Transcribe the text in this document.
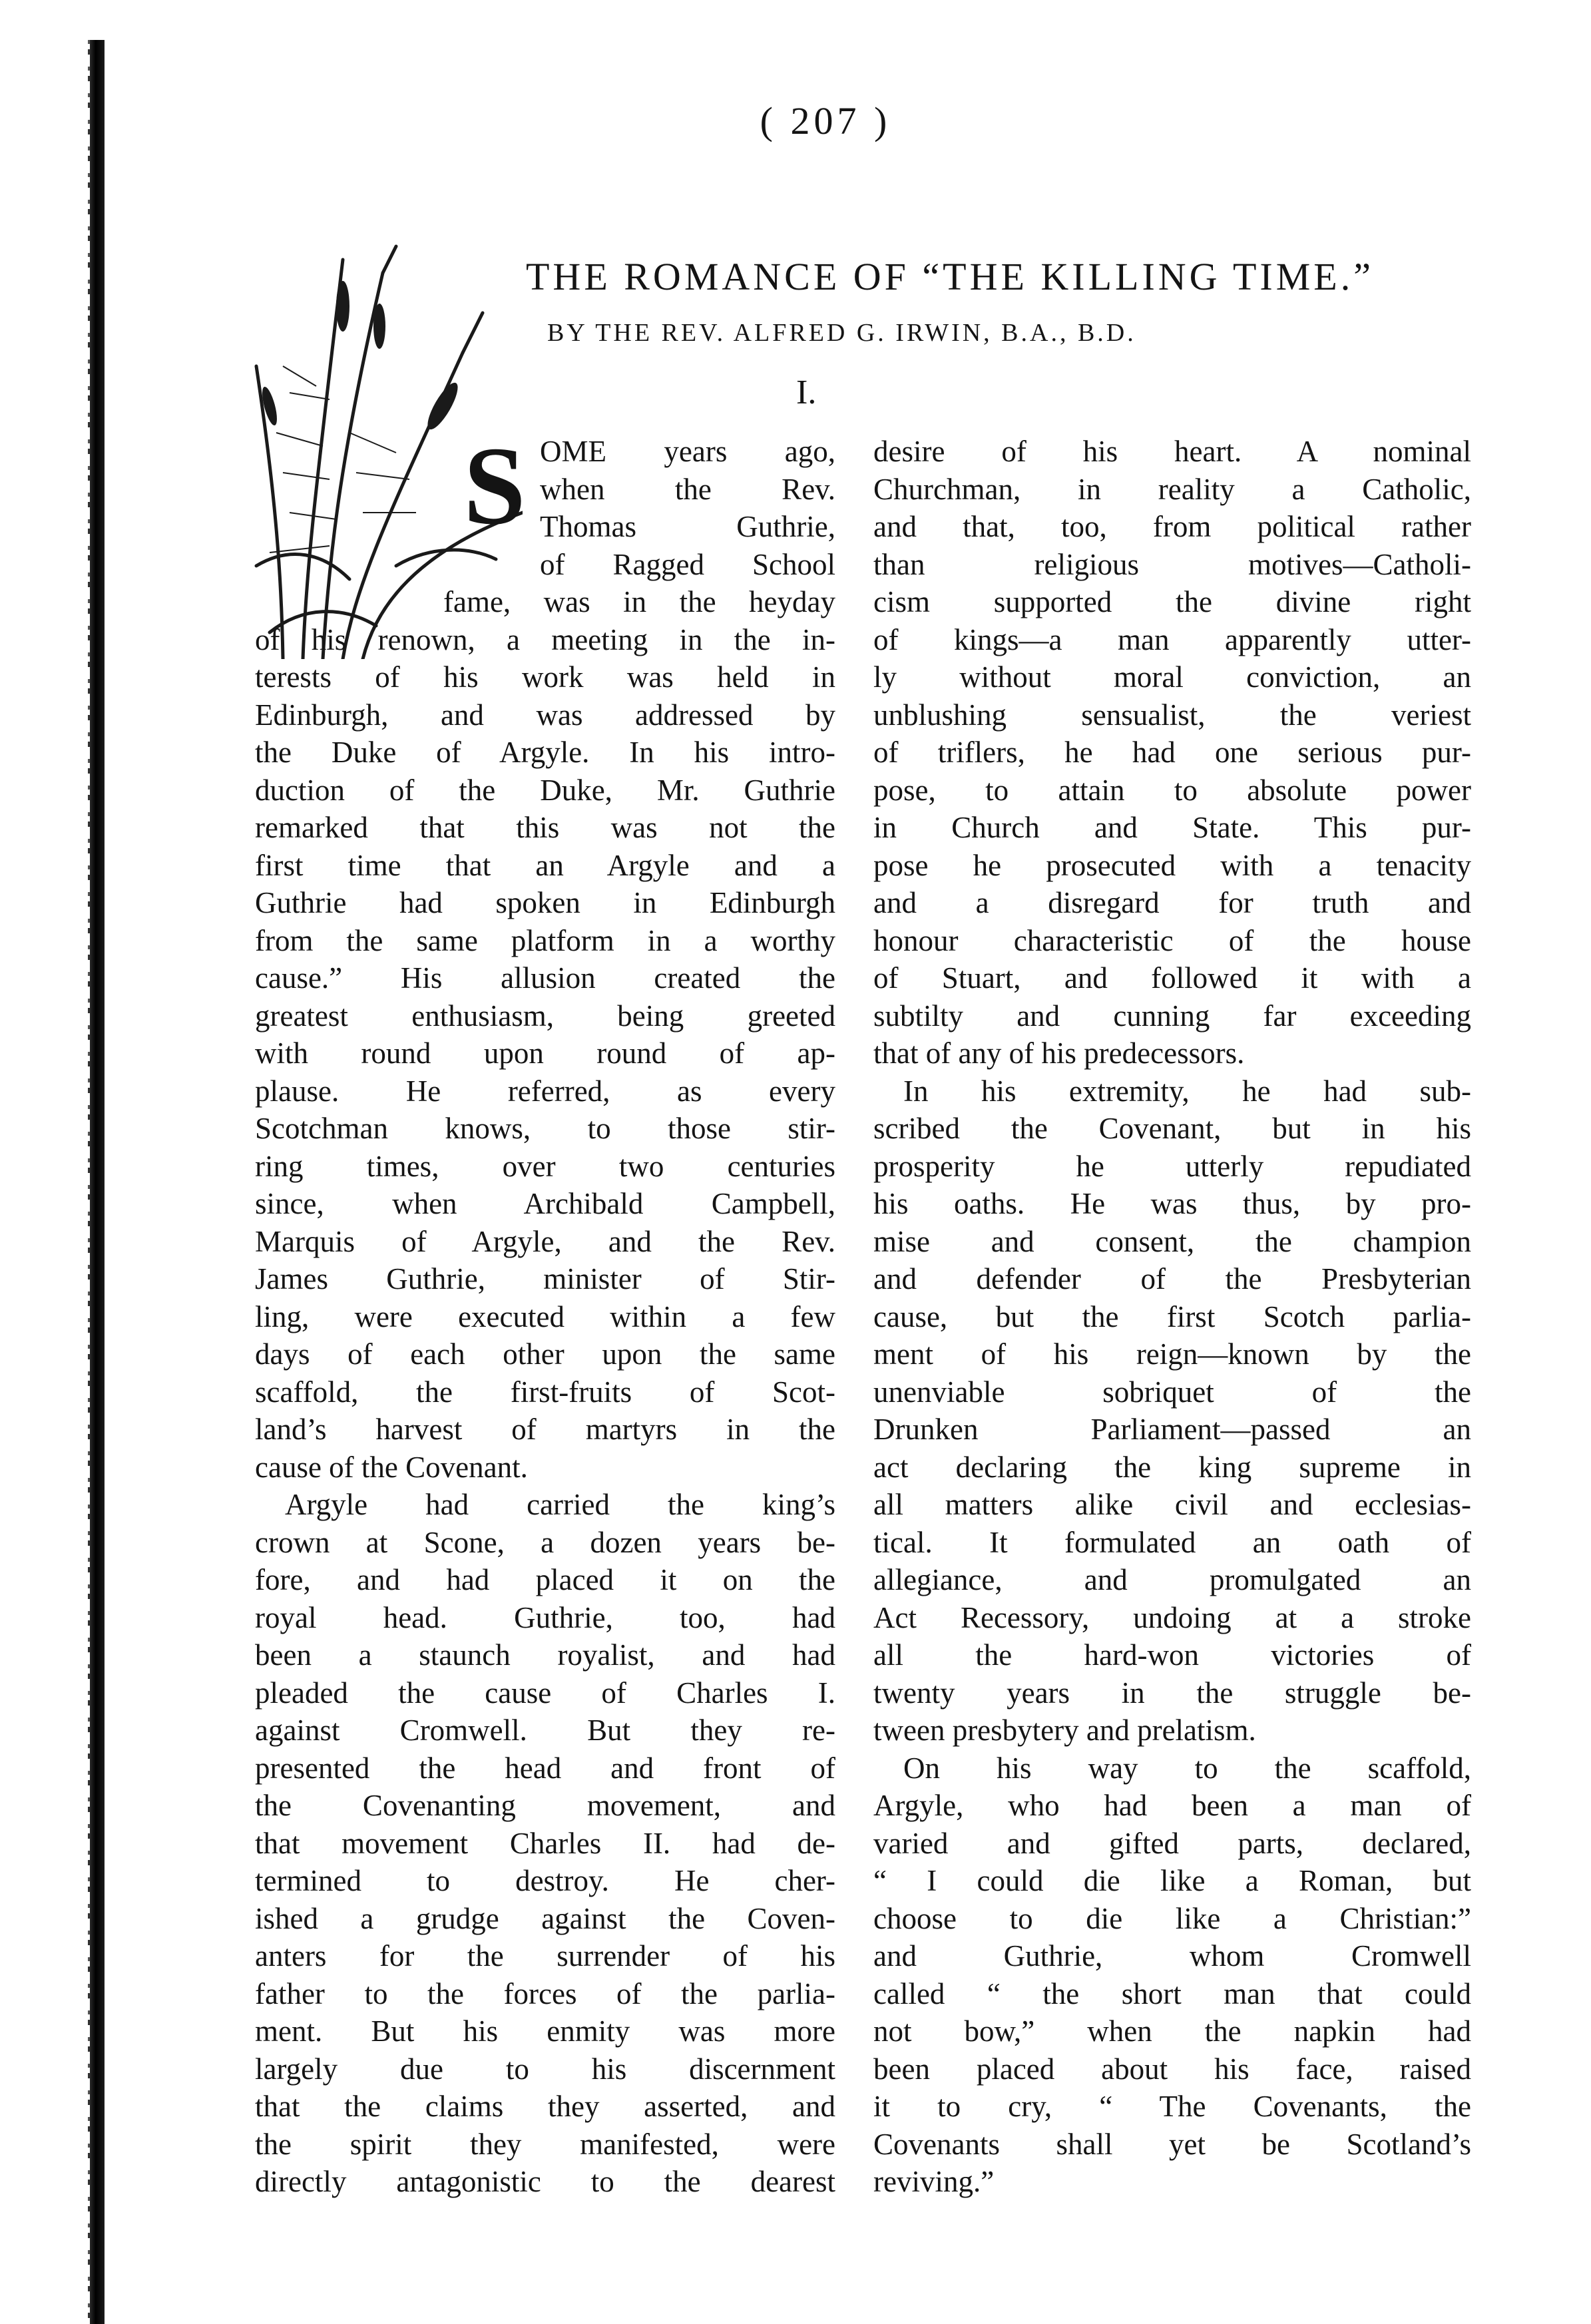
( 207 )
THE ROMANCE OF “THE KILLING TIME.”
BY THE REV. ALFRED G. IRWIN, B.A., B.D.
I.
S OME years ago,
when the Rev.
Thomas Guthrie,
of Ragged School
fame, was in the heyday
of his renown, a meeting in the in-
terests of his work was held in
Edinburgh, and was addressed by
the Duke of Argyle. In his intro-
duction of the Duke, Mr. Guthrie
remarked that this was not the
first time that an Argyle and a
Guthrie had spoken in Edinburgh
from the same platform in a worthy
cause.” His allusion created the
greatest enthusiasm, being greeted
with round upon round of ap-
plause. He referred, as every
Scotchman knows, to those stir-
ring times, over two centuries
since, when Archibald Campbell,
Marquis of Argyle, and the Rev.
James Guthrie, minister of Stir-
ling, were executed within a few
days of each other upon the same
scaffold, the first-fruits of Scot-
land’s harvest of martyrs in the
cause of the Covenant.
Argyle had carried the king’s
crown at Scone, a dozen years be-
fore, and had placed it on the
royal head. Guthrie, too, had
been a staunch royalist, and had
pleaded the cause of Charles I.
against Cromwell. But they re-
presented the head and front of
the Covenanting movement, and
that movement Charles II. had de-
termined to destroy. He cher-
ished a grudge against the Coven-
anters for the surrender of his
father to the forces of the parlia-
ment. But his enmity was more
largely due to his discernment
that the claims they asserted, and
the spirit they manifested, were
directly antagonistic to the dearest
desire of his heart. A nominal
Churchman, in reality a Catholic,
and that, too, from political rather
than religious motives—Catholi-
cism supported the divine right
of kings—a man apparently utter-
ly without moral conviction, an
unblushing sensualist, the veriest
of triflers, he had one serious pur-
pose, to attain to absolute power
in Church and State. This pur-
pose he prosecuted with a tenacity
and a disregard for truth and
honour characteristic of the house
of Stuart, and followed it with a
subtilty and cunning far exceeding
that of any of his predecessors.
In his extremity, he had sub-
scribed the Covenant, but in his
prosperity he utterly repudiated
his oaths. He was thus, by pro-
mise and consent, the champion
and defender of the Presbyterian
cause, but the first Scotch parlia-
ment of his reign—known by the
unenviable sobriquet of the
Drunken Parliament—passed an
act declaring the king supreme in
all matters alike civil and ecclesias-
tical. It formulated an oath of
allegiance, and promulgated an
Act Recessory, undoing at a stroke
all the hard-won victories of
twenty years in the struggle be-
tween presbytery and prelatism.
On his way to the scaffold,
Argyle, who had been a man of
varied and gifted parts, declared,
“ I could die like a Roman, but
choose to die like a Christian:”
and Guthrie, whom Cromwell
called “ the short man that could
not bow,” when the napkin had
been placed about his face, raised
it to cry, “ The Covenants, the
Covenants shall yet be Scotland’s
reviving.”
